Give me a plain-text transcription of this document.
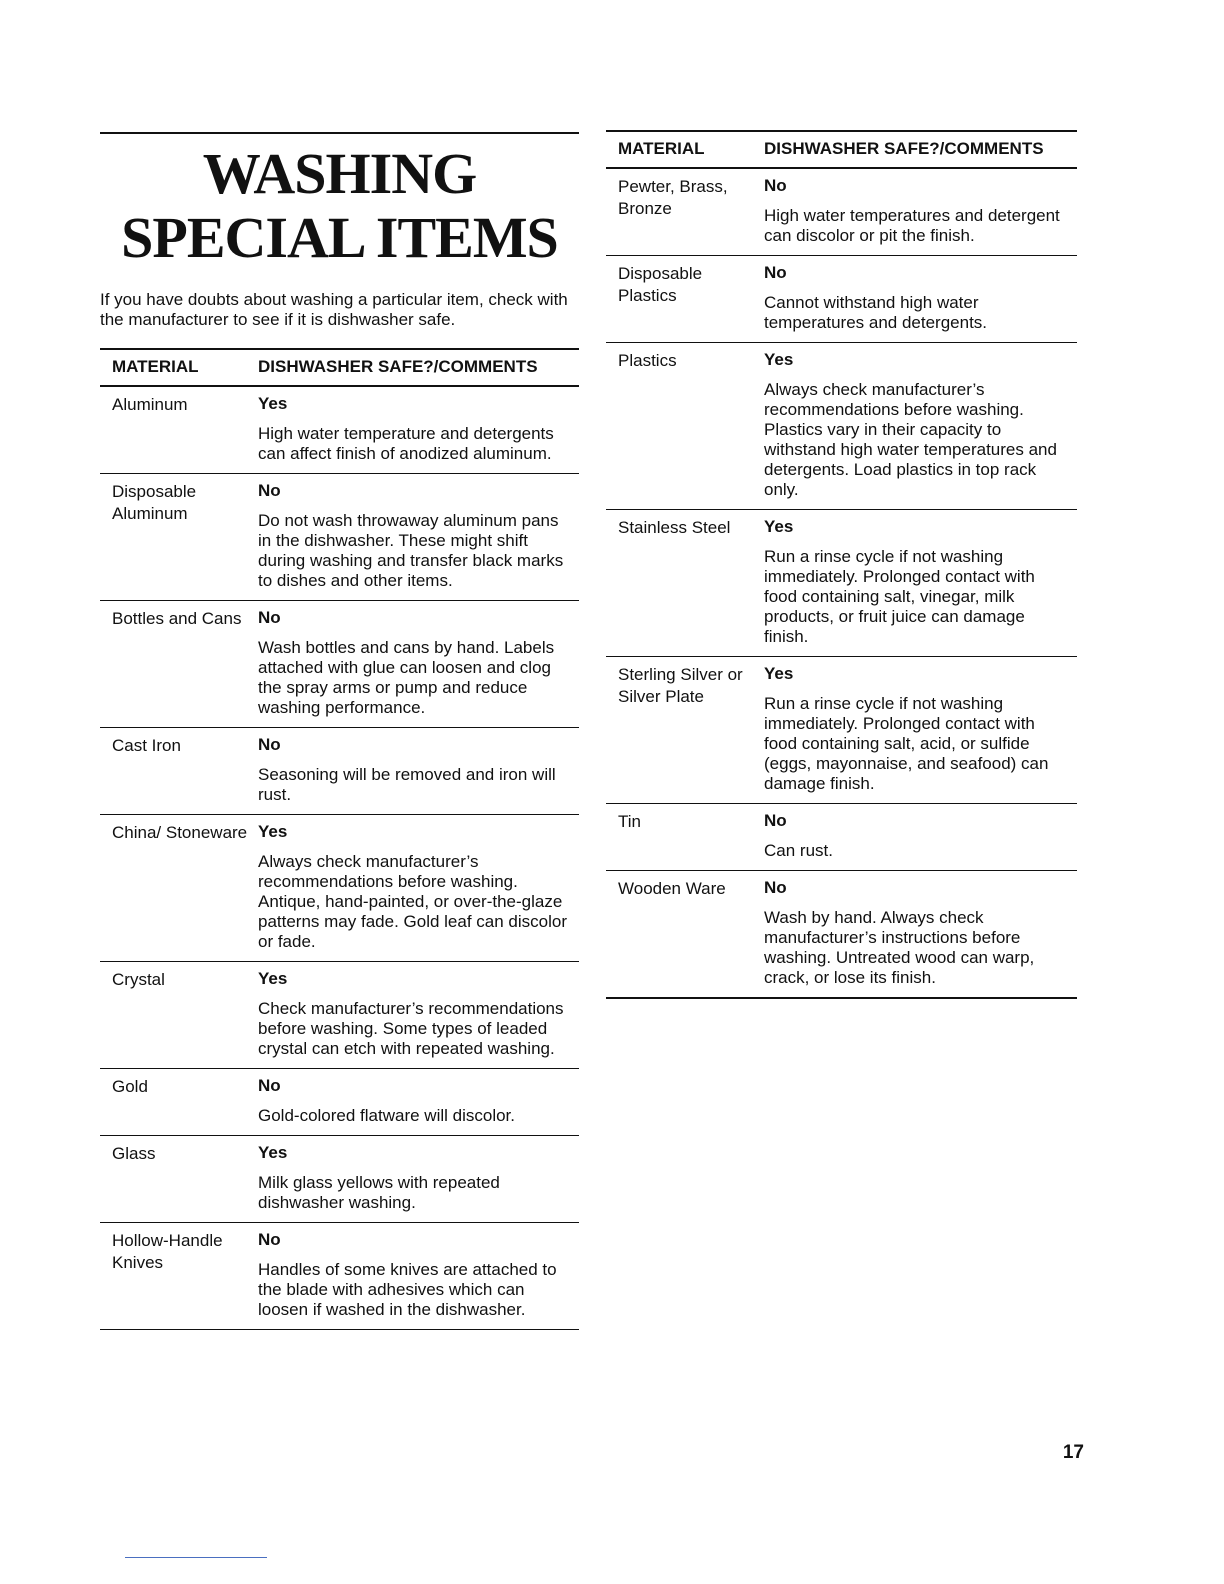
WASHING
SPECIAL ITEMS

If you have doubts about washing a particular item, check with the manufacturer to see if it is dishwasher safe.

MATERIAL	DISHWASHER SAFE?/COMMENTS
Aluminum	Yes
High water temperature and detergents can affect finish of anodized aluminum.

Disposable Aluminum	No
Do not wash throwaway aluminum pans in the dishwasher. These might shift during washing and transfer black marks to dishes and other items.

Bottles and Cans	No
Wash bottles and cans by hand. Labels attached with glue can loosen and clog the spray arms or pump and reduce washing performance.

Cast Iron	No
Seasoning will be removed and iron will rust.

China/ Stoneware	Yes
Always check manufacturer’s recommendations before washing. Antique, hand-painted, or over-the-glaze patterns may fade. Gold leaf can discolor or fade.

Crystal	Yes
Check manufacturer’s recommendations before washing. Some types of leaded crystal can etch with repeated washing.

Gold	No
Gold-colored flatware will discolor.

Glass	Yes
Milk glass yellows with repeated dishwasher washing.

Hollow-Handle Knives	No
Handles of some knives are attached to the blade with adhesives which can loosen if washed in the dishwasher.
MATERIAL	DISHWASHER SAFE?/COMMENTS
Pewter, Brass, Bronze	No
High water temperatures and detergent can discolor or pit the finish.

Disposable Plastics	No
Cannot withstand high water temperatures and detergents.

Plastics	Yes
Always check manufacturer’s recommendations before washing. Plastics vary in their capacity to withstand high water temperatures and detergents. Load plastics in top rack only.

Stainless Steel	Yes
Run a rinse cycle if not washing immediately. Prolonged contact with food containing salt, vinegar, milk products, or fruit juice can damage finish.

Sterling Silver or Silver Plate	Yes
Run a rinse cycle if not washing immediately. Prolonged contact with food containing salt, acid, or sulfide (eggs, mayonnaise, and seafood) can damage finish.

Tin	No
Can rust.

Wooden Ware	No
Wash by hand. Always check manufacturer’s instructions before washing. Untreated wood can warp, crack, or lose its finish.
17
